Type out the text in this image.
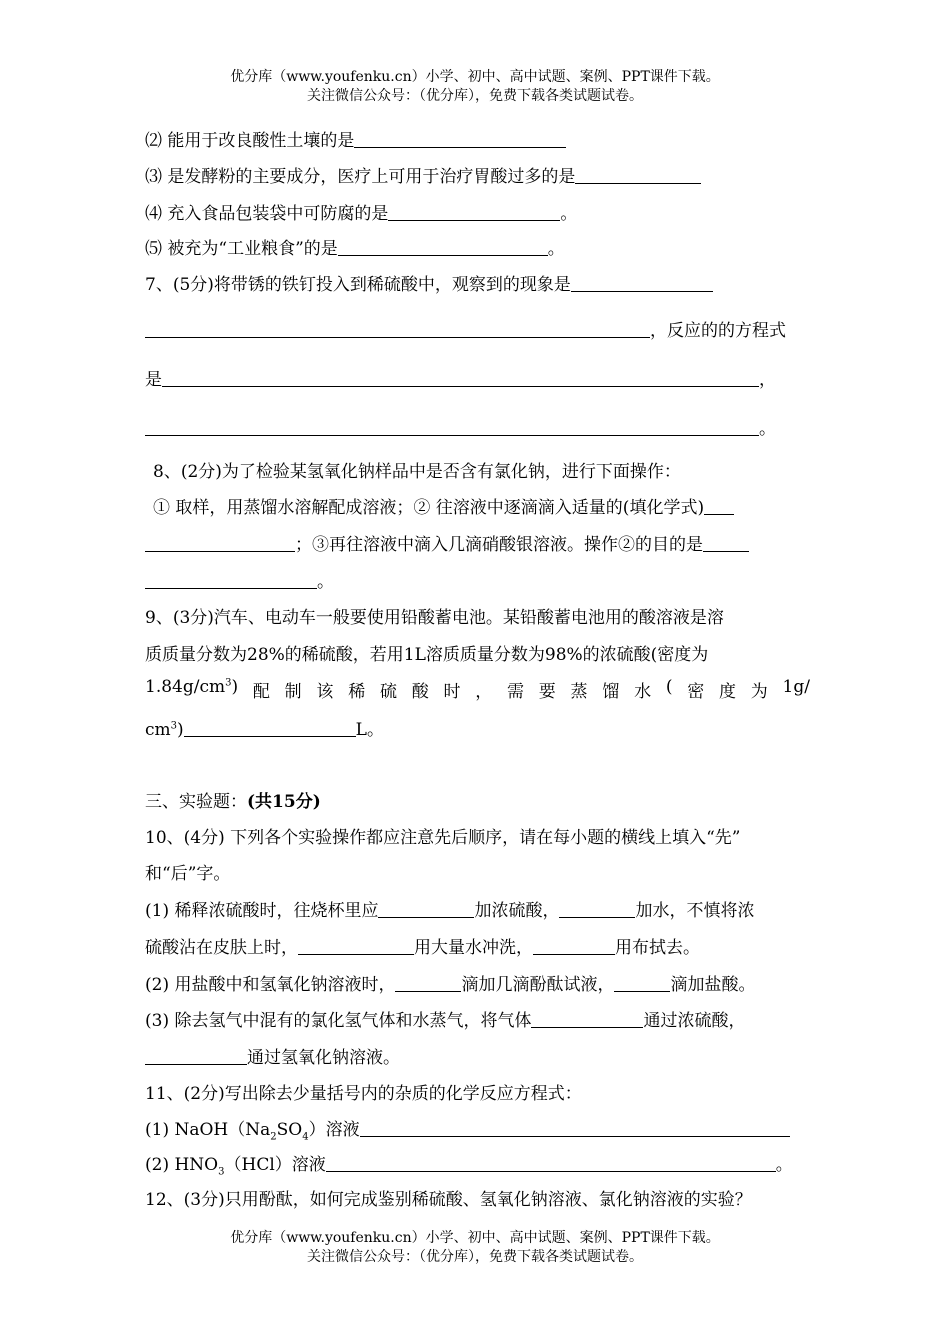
优分库（www.youfenku.cn）小学、初中、高中试题、案例、PPT课件下载。
关注微信公众号：（优分库），免费下载各类试题试卷。
⑵ 能用于改良酸性土壤的是
⑶ 是发酵粉的主要成分，医疗上可用于治疗胃酸过多的是
⑷ 充入食品包装袋中可防腐的是	。
⑸ 被充为“工业粮食”的是	。
7、(5分)将带锈的铁钉投入到稀硫酸中，观察到的现象是
，反应的的方程式
是	，
。
8、(2分)为了检验某氢氧化钠样品中是否含有氯化钠，进行下面操作：
① 取样，用蒸馏水溶解配成溶液；② 往溶液中逐滴滴入适量的(填化学式)
；③再往溶液中滴入几滴硝酸银溶液。操作②的目的是
。
9、(3分)汽车、电动车一般要使用铅酸蓄电池。某铅酸蓄电池用的酸溶液是溶
质质量分数为28%的稀硫酸，若用1L溶质质量分数为98%的浓硫酸(密度为
$1.84g/cm^3$) 配 制 该 稀 硫 酸 时 ， 需 要 蒸 馏 水 ( 密 度 为 1g/
$cm^3$)	L。
三、实验题：(共15分)
10、(4分) 下列各个实验操作都应注意先后顺序，请在每小题的横线上填入“先”
和“后”字。
(1) 稀释浓硫酸时，往烧杯里应	加浓硫酸，	加水，不慎将浓
硫酸沾在皮肤上时，	用大量水冲洗，	用布拭去。
(2) 用盐酸中和氢氧化钠溶液时，	滴加几滴酚酞试液，	滴加盐酸。
(3) 除去氢气中混有的氯化氢气体和水蒸气，将气体	通过浓硫酸，
通过氢氧化钠溶液。
11、(2分)写出除去少量括号内的杂质的化学反应方程式：
(1) $NaOH(Na_2SO_4)$溶液
(2) $HNO_3(HCl)$溶液	。
12、(3分)只用酚酞，如何完成鉴别稀硫酸、氢氧化钠溶液、氯化钠溶液的实验？
优分库（www.youfenku.cn）小学、初中、高中试题、案例、PPT课件下载。
关注微信公众号：（优分库），免费下载各类试题试卷。
